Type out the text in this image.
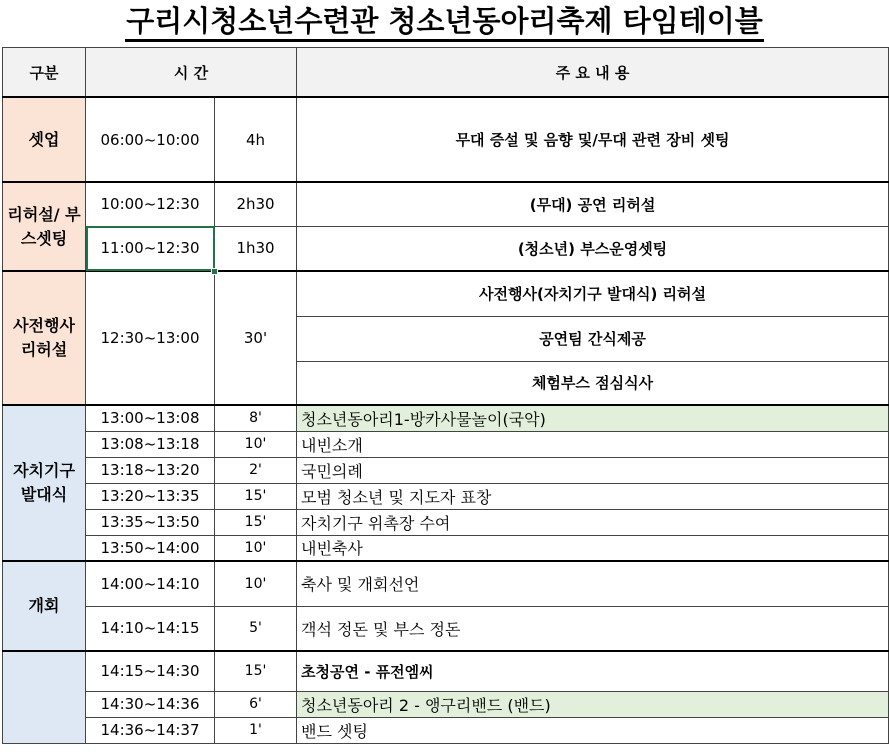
구리시청소년수련관 청소년동아리축제 타임테이블
구분	시 간		주 요 내 용
셋업	06:00~10:00	4h	무대 증설 및 음향 및/무대 관련 장비 셋팅
리허설/ 부스셋팅	10:00~12:30	2h30	(무대) 공연 리허설
	11:00~12:30	1h30	(청소년) 부스운영셋팅
사전행사 리허설	12:30~13:00	30'	사전행사(자치기구 발대식) 리허설
			공연팀 간식제공
			체험부스 점심식사
자치기구 발대식	13:00~13:08	8'	청소년동아리1-방카사물놀이(국악)
	13:08~13:18	10'	내빈소개
	13:18~13:20	2'	국민의례
	13:20~13:35	15'	모범 청소년 및 지도자 표창
	13:35~13:50	15'	자치기구 위촉장 수여
	13:50~14:00	10'	내빈축사
개회	14:00~14:10	10'	축사 및 개회선언
	14:10~14:15	5'	객석 정돈 및 부스 정돈
	14:15~14:30	15'	초청공연 - 퓨전엠씨
	14:30~14:36	6'	청소년동아리 2 - 앵구리밴드 (밴드)
	14:36~14:37	1'	밴드 셋팅
